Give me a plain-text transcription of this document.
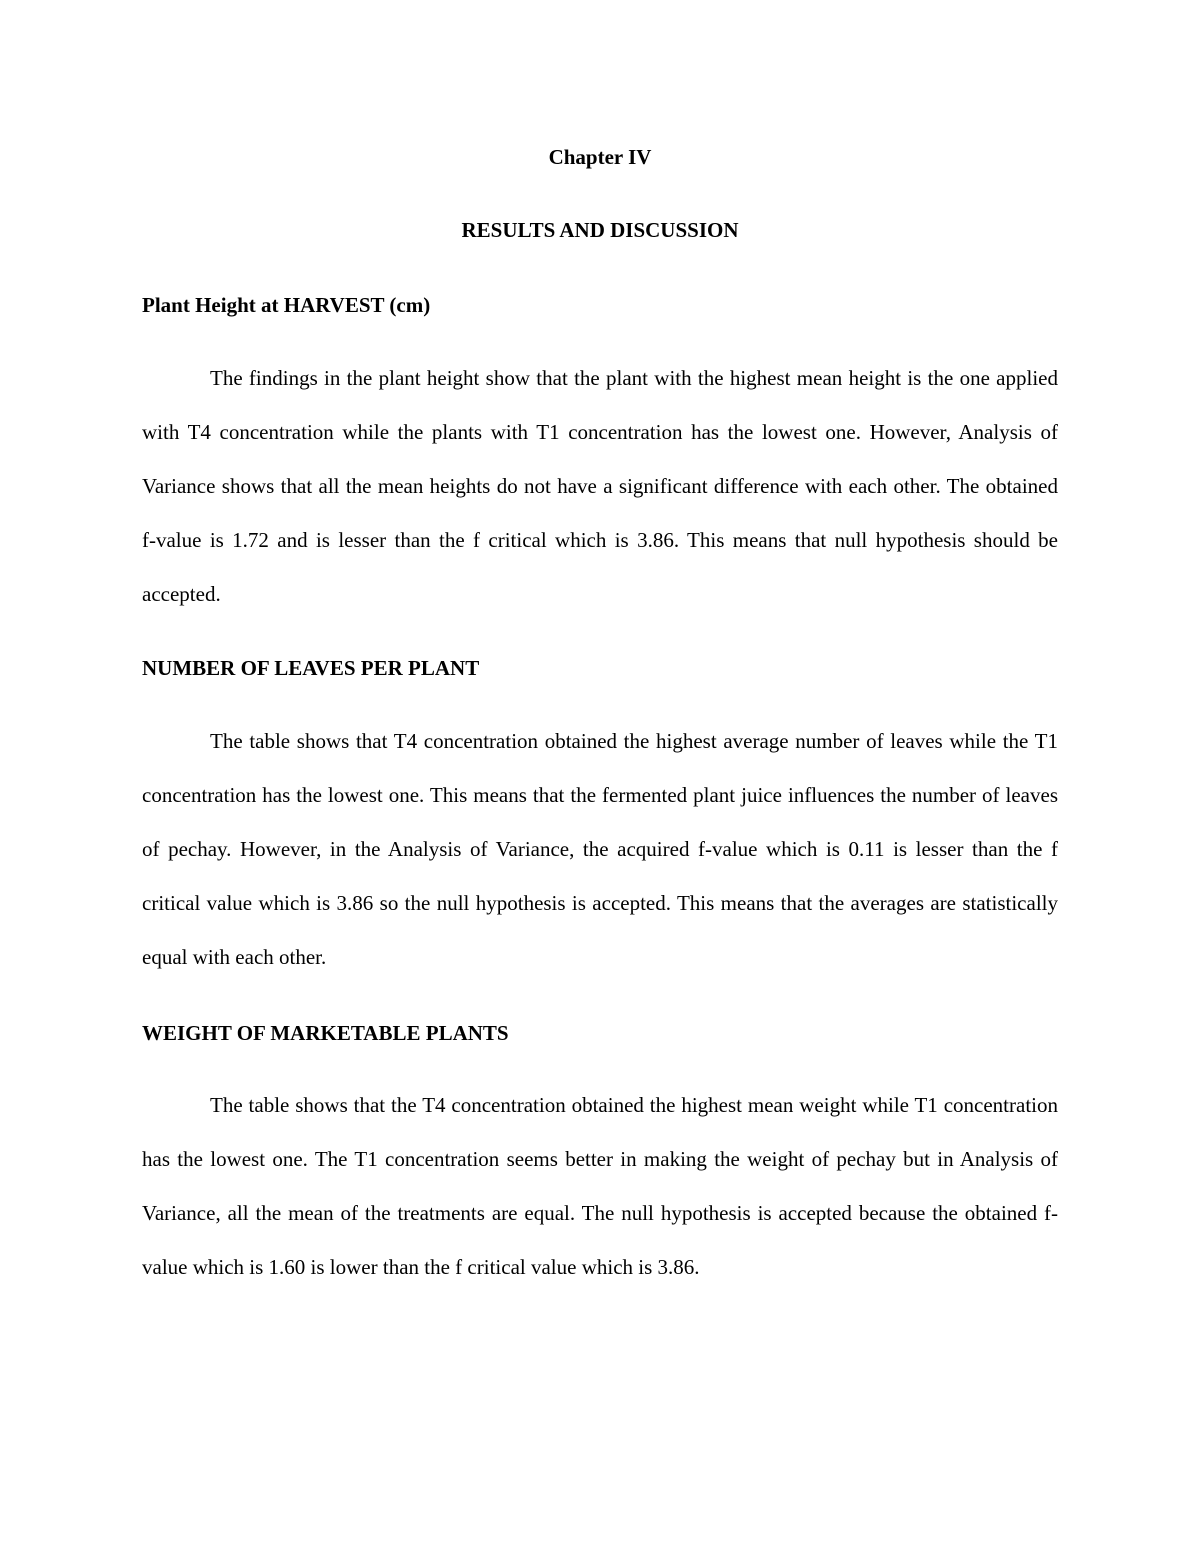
Chapter IV
RESULTS AND DISCUSSION
Plant Height at HARVEST (cm)

The findings in the plant height show that the plant with the highest mean height is the one applied with T4 concentration while the plants with T1 concentration has the lowest one. However, Analysis of Variance shows that all the mean heights do not have a significant difference with each other. The obtained f-value is 1.72 and is lesser than the f critical which is 3.86. This means that null hypothesis should be accepted.

NUMBER OF LEAVES PER PLANT

The table shows that T4 concentration obtained the highest average number of leaves while the T1 concentration has the lowest one. This means that the fermented plant juice influences the number of leaves of pechay. However, in the Analysis of Variance, the acquired f-value which is 0.11 is lesser than the f critical value which is 3.86 so the null hypothesis is accepted. This means that the averages are statistically equal with each other.

WEIGHT OF MARKETABLE PLANTS

The table shows that the T4 concentration obtained the highest mean weight while T1 concentration has the lowest one. The T1 concentration seems better in making the weight of pechay but in Analysis of Variance, all the mean of the treatments are equal. The null hypothesis is accepted because the obtained f-value which is 1.60 is lower than the f critical value which is 3.86.
